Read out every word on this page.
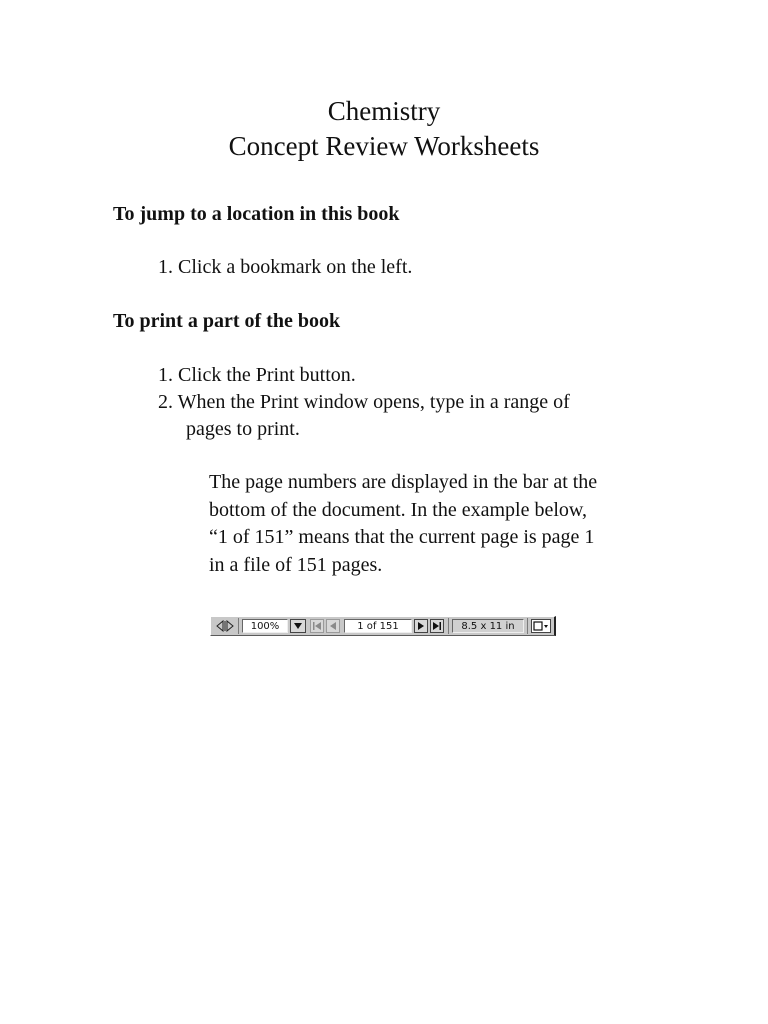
Chemistry
Concept Review Worksheets
To jump to a location in this book
1. Click a bookmark on the left.
To print a part of the book
1. Click the Print button.
2. When the Print window opens, type in a range of
pages to print.
The page numbers are displayed in the bar at the
bottom of the document. In the example below,
“1 of 151” means that the current page is page 1
in a file of 151 pages.
100%	1 of 151	8.5 x 11 in
